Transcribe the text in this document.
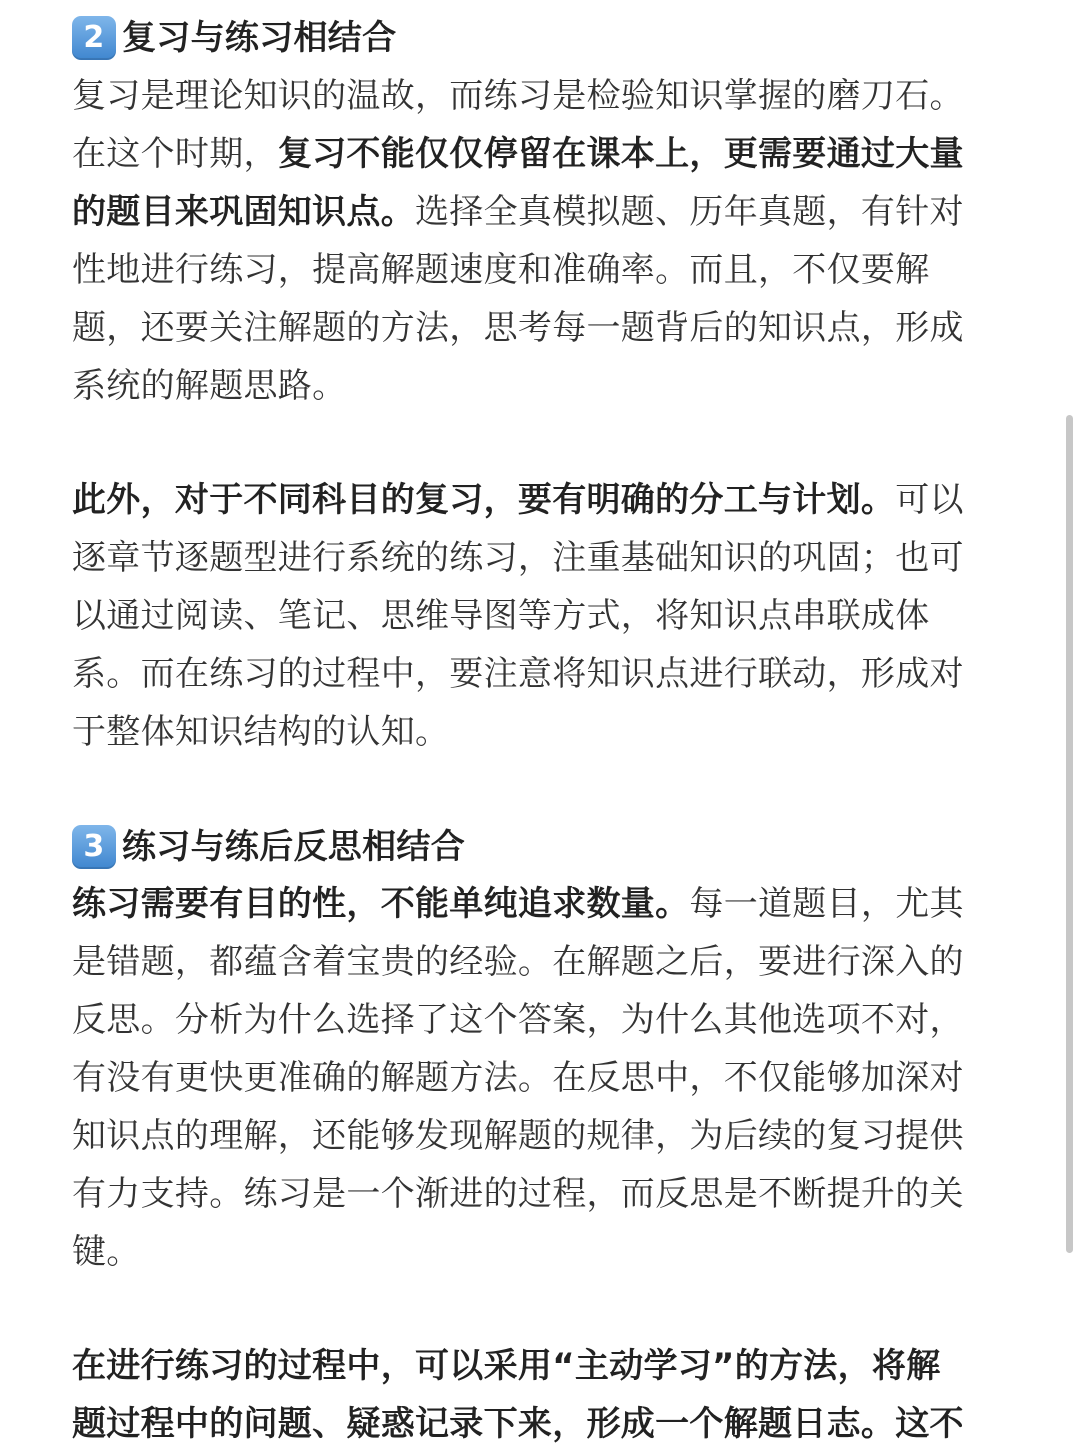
2 复习与练习相结合
复习是理论知识的温故，而练习是检验知识掌握的磨刀石。
在这个时期，复习不能仅仅停留在课本上，更需要通过大量
的题目来巩固知识点。选择全真模拟题、历年真题，有针对
性地进行练习，提高解题速度和准确率。而且，不仅要解
题，还要关注解题的方法，思考每一题背后的知识点，形成
系统的解题思路。
此外，对于不同科目的复习，要有明确的分工与计划。可以
逐章节逐题型进行系统的练习，注重基础知识的巩固；也可
以通过阅读、笔记、思维导图等方式，将知识点串联成体
系。而在练习的过程中，要注意将知识点进行联动，形成对
于整体知识结构的认知。
3 练习与练后反思相结合
练习需要有目的性，不能单纯追求数量。每一道题目，尤其
是错题，都蕴含着宝贵的经验。在解题之后，要进行深入的
反思。分析为什么选择了这个答案，为什么其他选项不对，
有没有更快更准确的解题方法。在反思中，不仅能够加深对
知识点的理解，还能够发现解题的规律，为后续的复习提供
有力支持。练习是一个渐进的过程，而反思是不断提升的关
键。
在进行练习的过程中，可以采用“主动学习”的方法，将解
题过程中的问题、疑惑记录下来，形成一个解题日志。这不
